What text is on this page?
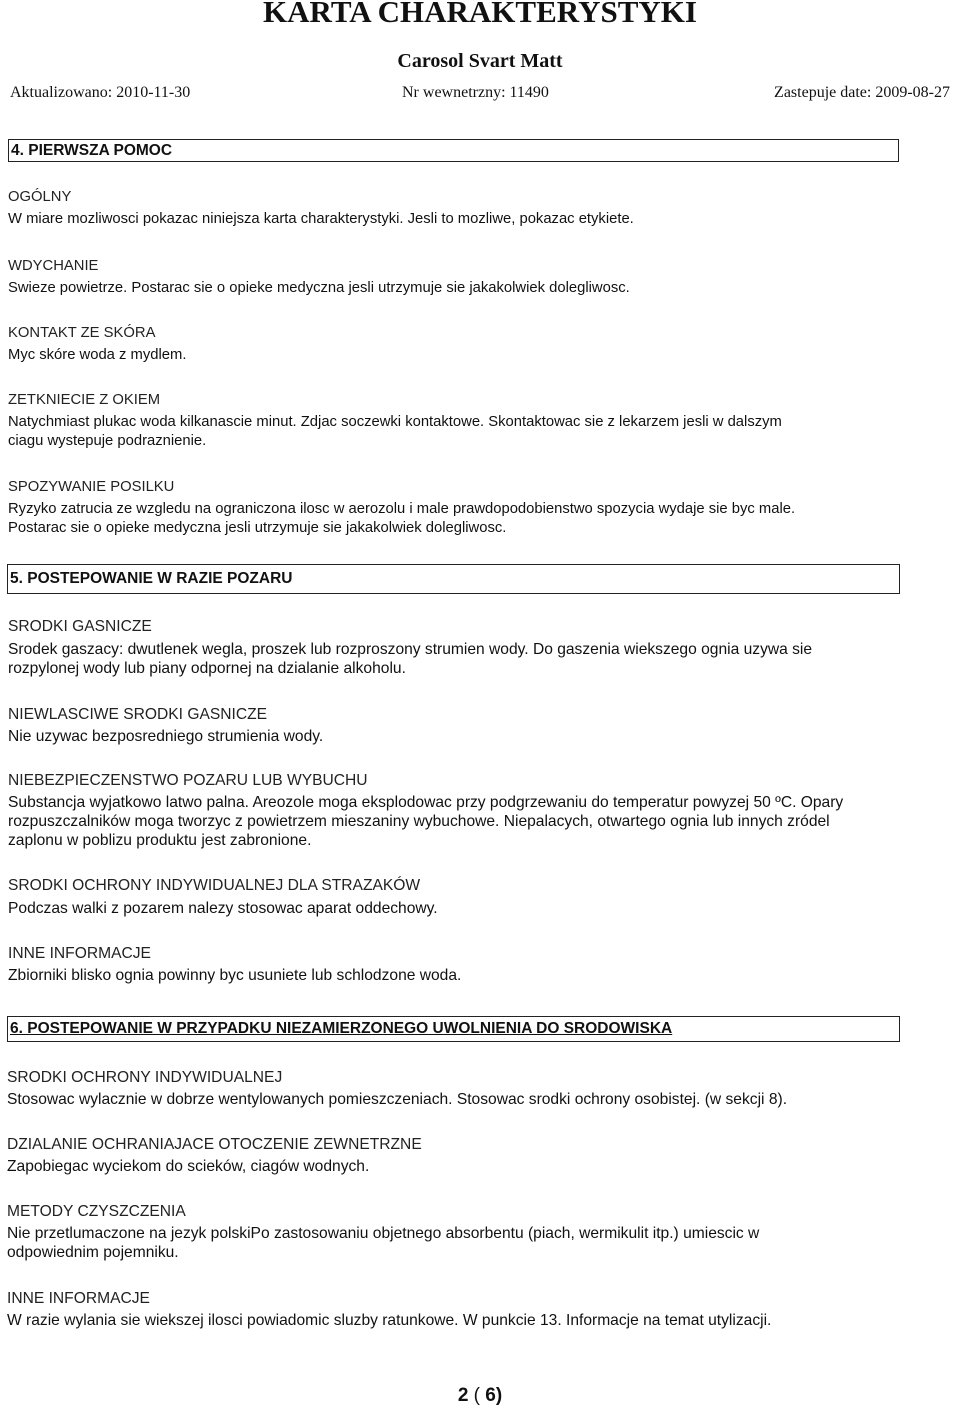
KARTA CHARAKTERYSTYKI
Carosol Svart Matt
Aktualizowano: 2010-11-30	Nr wewnetrzny: 11490	Zastepuje date: 2009-08-27
4. PIERWSZA POMOC
OGÓLNY
W miare mozliwosci pokazac niniejsza karta charakterystyki. Jesli to mozliwe, pokazac etykiete.
WDYCHANIE
Swieze powietrze. Postarac sie o opieke medyczna jesli utrzymuje sie jakakolwiek dolegliwosc.
KONTAKT ZE SKÓRA
Myc skóre woda z mydlem.
ZETKNIECIE Z OKIEM
Natychmiast plukac woda kilkanascie minut. Zdjac soczewki kontaktowe. Skontaktowac sie z lekarzem jesli w dalszym
ciagu wystepuje podraznienie.
SPOZYWANIE POSILKU
Ryzyko zatrucia ze wzgledu na ograniczona ilosc w aerozolu i male prawdopodobienstwo spozycia wydaje sie byc male.
Postarac sie o opieke medyczna jesli utrzymuje sie jakakolwiek dolegliwosc.
5. POSTEPOWANIE W RAZIE POZARU
SRODKI GASNICZE
Srodek gaszacy: dwutlenek wegla, proszek lub rozproszony strumien wody. Do gaszenia wiekszego ognia uzywa sie
rozpylonej wody lub piany odpornej na dzialanie alkoholu.
NIEWLASCIWE SRODKI GASNICZE
Nie uzywac bezposredniego strumienia wody.
NIEBEZPIECZENSTWO POZARU LUB WYBUCHU
Substancja wyjatkowo latwo palna. Areozole moga eksplodowac przy podgrzewaniu do temperatur powyzej 50 ºC. Opary
rozpuszczalników moga tworzyc z powietrzem mieszaniny wybuchowe. Niepalacych, otwartego ognia lub innych zródel
zaplonu w poblizu produktu jest zabronione.
SRODKI OCHRONY INDYWIDUALNEJ DLA STRAZAKÓW
Podczas walki z pozarem nalezy stosowac aparat oddechowy.
INNE INFORMACJE
Zbiorniki blisko ognia powinny byc usuniete lub schlodzone woda.
6. POSTEPOWANIE W PRZYPADKU NIEZAMIERZONEGO UWOLNIENIA DO SRODOWISKA
SRODKI OCHRONY INDYWIDUALNEJ
Stosowac wylacznie w dobrze wentylowanych pomieszczeniach. Stosowac srodki ochrony osobistej. (w sekcji 8).
DZIALANIE OCHRANIAJACE OTOCZENIE ZEWNETRZNE
Zapobiegac wyciekom do scieków, ciagów wodnych.
METODY CZYSZCZENIA
Nie przetlumaczone na jezyk polskiPo zastosowaniu objetnego absorbentu (piach, wermikulit itp.) umiescic w
odpowiednim pojemniku.
INNE INFORMACJE
W razie wylania sie wiekszej ilosci powiadomic sluzby ratunkowe. W punkcie 13. Informacje na temat utylizacji.
2 ( 6)
